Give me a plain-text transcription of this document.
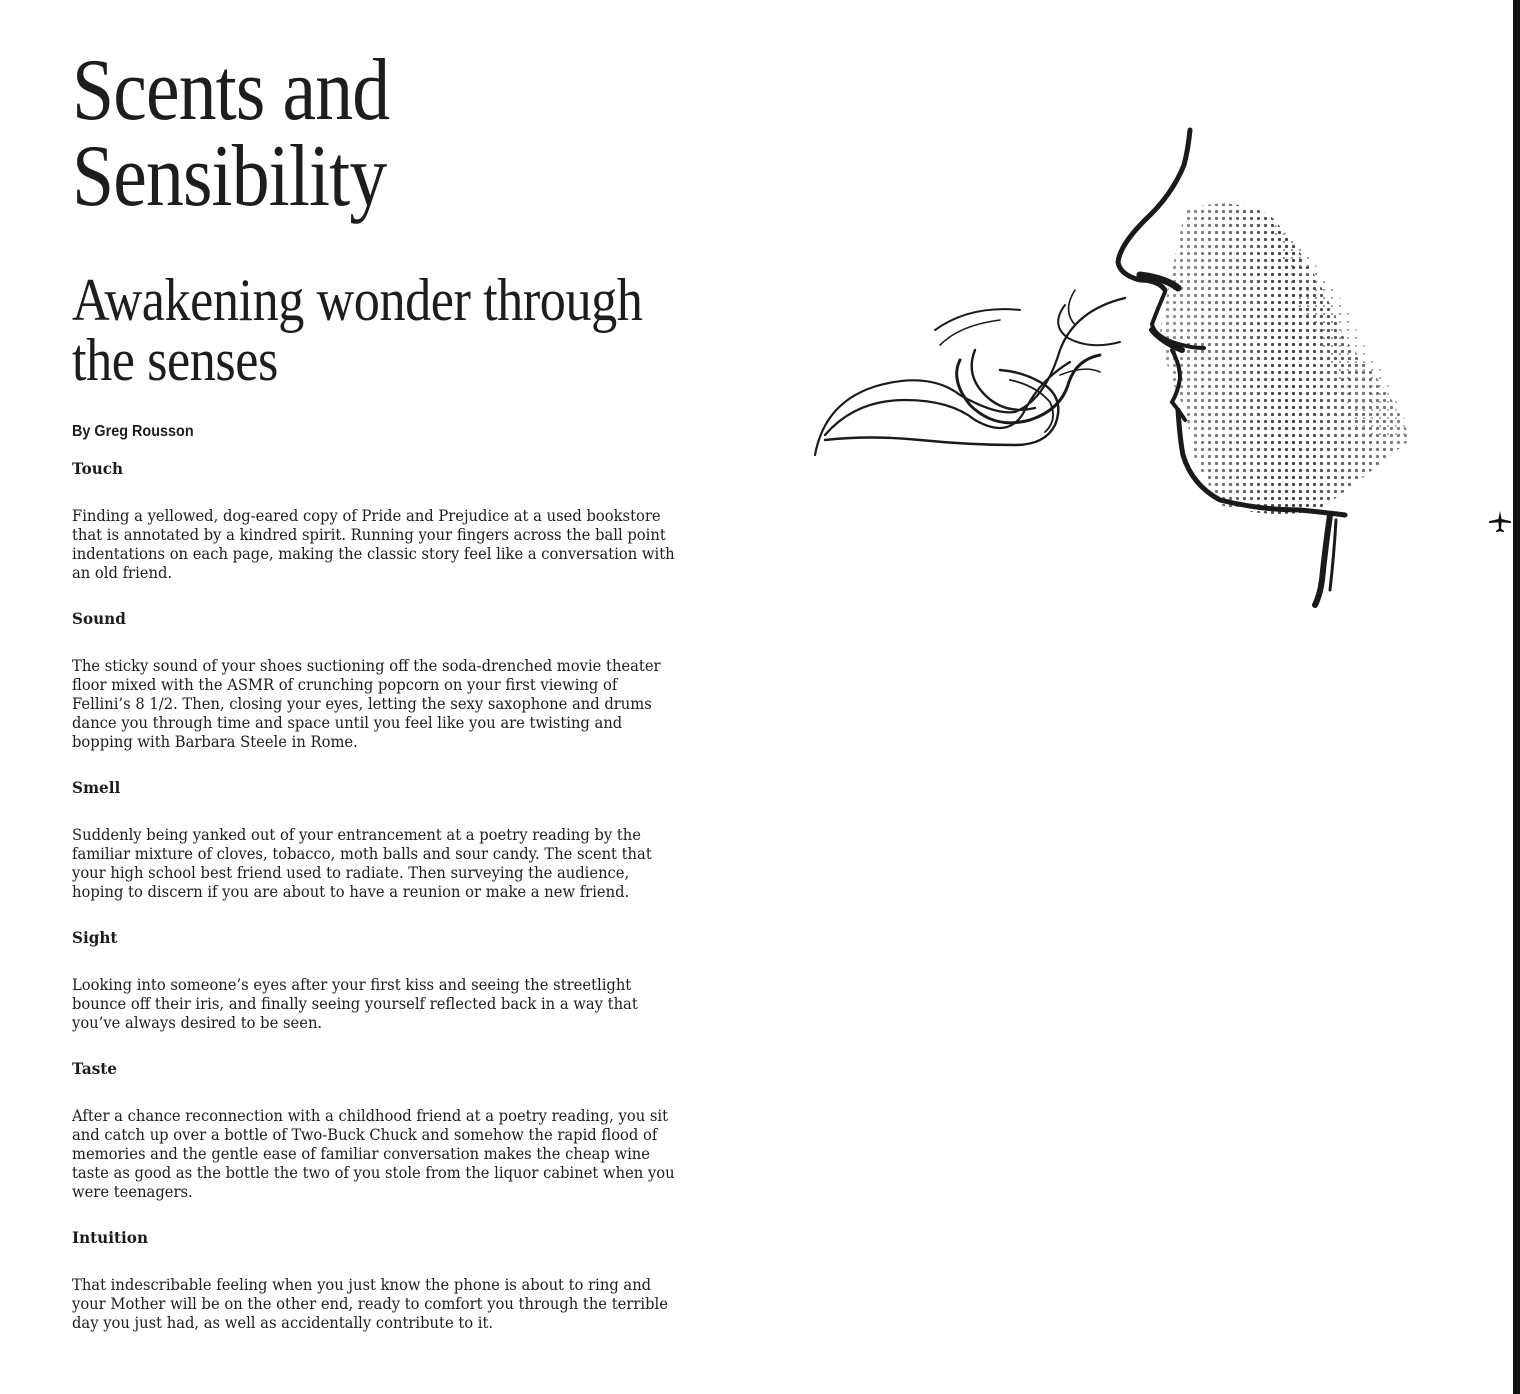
Scents and
Sensibility
Awakening wonder through
the senses
By Greg Rousson
Touch

Finding a yellowed, dog-eared copy of Pride and Prejudice at a used bookstore
that is annotated by a kindred spirit. Running your fingers across the ball point
indentations on each page, making the classic story feel like a conversation with
an old friend.

Sound

The sticky sound of your shoes suctioning off the soda-drenched movie theater
floor mixed with the ASMR of crunching popcorn on your first viewing of
Fellini’s 8 1/2. Then, closing your eyes, letting the sexy saxophone and drums
dance you through time and space until you feel like you are twisting and
bopping with Barbara Steele in Rome.

Smell

Suddenly being yanked out of your entrancement at a poetry reading by the
familiar mixture of cloves, tobacco, moth balls and sour candy. The scent that
your high school best friend used to radiate. Then surveying the audience,
hoping to discern if you are about to have a reunion or make a new friend.

Sight

Looking into someone’s eyes after your first kiss and seeing the streetlight
bounce off their iris, and finally seeing yourself reflected back in a way that
you’ve always desired to be seen.

Taste

After a chance reconnection with a childhood friend at a poetry reading, you sit
and catch up over a bottle of Two-Buck Chuck and somehow the rapid flood of
memories and the gentle ease of familiar conversation makes the cheap wine
taste as good as the bottle the two of you stole from the liquor cabinet when you
were teenagers.

Intuition

That indescribable feeling when you just know the phone is about to ring and
your Mother will be on the other end, ready to comfort you through the terrible
day you just had, as well as accidentally contribute to it.
